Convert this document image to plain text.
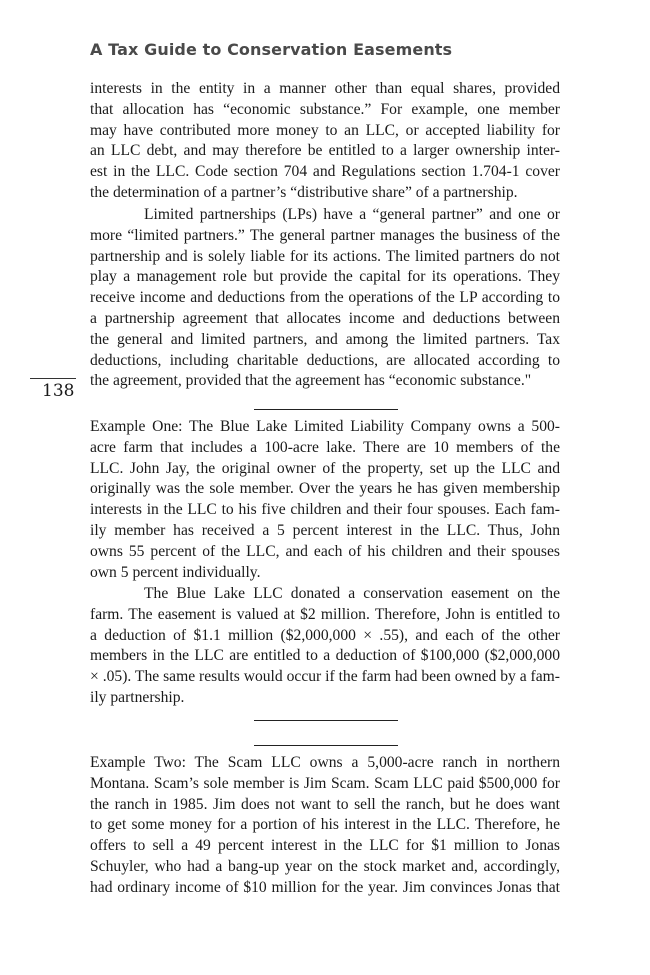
A Tax Guide to Conservation Easements
138
interests in the entity in a manner other than equal shares, provided
that allocation has “economic substance.” For example, one member
may have contributed more money to an LLC, or accepted liability for
an LLC debt, and may therefore be entitled to a larger ownership inter-
est in the LLC. Code section 704 and Regulations section 1.704-1 cover
the determination of a partner’s “distributive share” of a partnership.
Limited partnerships (LPs) have a “general partner” and one or
more “limited partners.” The general partner manages the business of the
partnership and is solely liable for its actions. The limited partners do not
play a management role but provide the capital for its operations. They
receive income and deductions from the operations of the LP according to
a partnership agreement that allocates income and deductions between
the general and limited partners, and among the limited partners. Tax
deductions, including charitable deductions, are allocated according to
the agreement, provided that the agreement has “economic substance."
Example One: The Blue Lake Limited Liability Company owns a 500-
acre farm that includes a 100-acre lake. There are 10 members of the
LLC. John Jay, the original owner of the property, set up the LLC and
originally was the sole member. Over the years he has given membership
interests in the LLC to his five children and their four spouses. Each fam-
ily member has received a 5 percent interest in the LLC. Thus, John
owns 55 percent of the LLC, and each of his children and their spouses
own 5 percent individually.
The Blue Lake LLC donated a conservation easement on the
farm. The easement is valued at $2 million. Therefore, John is entitled to
a deduction of $1.1 million ($2,000,000 × .55), and each of the other
members in the LLC are entitled to a deduction of $100,000 ($2,000,000
× .05). The same results would occur if the farm had been owned by a fam-
ily partnership.
Example Two: The Scam LLC owns a 5,000-acre ranch in northern
Montana. Scam’s sole member is Jim Scam. Scam LLC paid $500,000 for
the ranch in 1985. Jim does not want to sell the ranch, but he does want
to get some money for a portion of his interest in the LLC. Therefore, he
offers to sell a 49 percent interest in the LLC for $1 million to Jonas
Schuyler, who had a bang-up year on the stock market and, accordingly,
had ordinary income of $10 million for the year. Jim convinces Jonas that
